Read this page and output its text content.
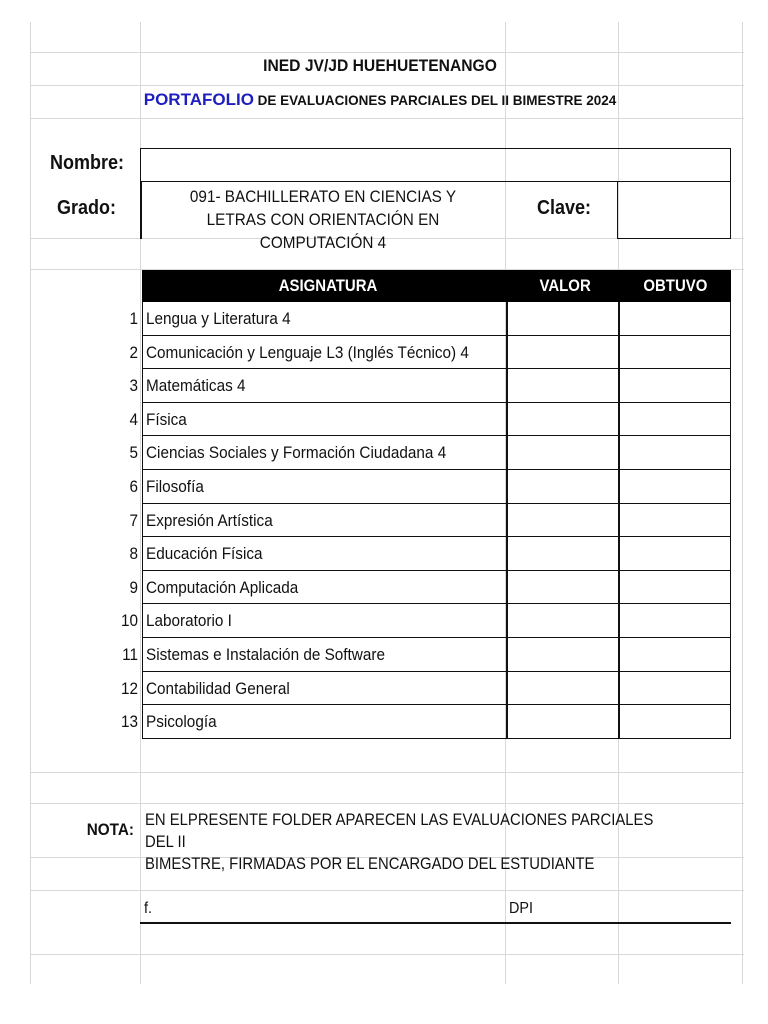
INED JV/JD HUEHUETENANGO
PORTAFOLIO DE EVALUACIONES PARCIALES DEL II BIMESTRE 2024
Nombre:
Grado:
091- BACHILLERATO EN CIENCIAS Y LETRAS CON ORIENTACIÓN EN COMPUTACIÓN 4
Clave:
ASIGNATURA	VALOR	OBTUVO
1 Lengua y Literatura 4
2 Comunicación y Lenguaje L3 (Inglés Técnico) 4
3 Matemáticas 4
4 Física
5 Ciencias Sociales y Formación Ciudadana 4
6 Filosofía
7 Expresión Artística
8 Educación Física
9 Computación Aplicada
10 Laboratorio I
11 Sistemas e Instalación de Software
12 Contabilidad General
13 Psicología
NOTA: EN ELPRESENTE FOLDER APARECEN LAS EVALUACIONES PARCIALES DEL II
BIMESTRE, FIRMADAS POR EL ENCARGADO DEL ESTUDIANTE
f.	DPI
